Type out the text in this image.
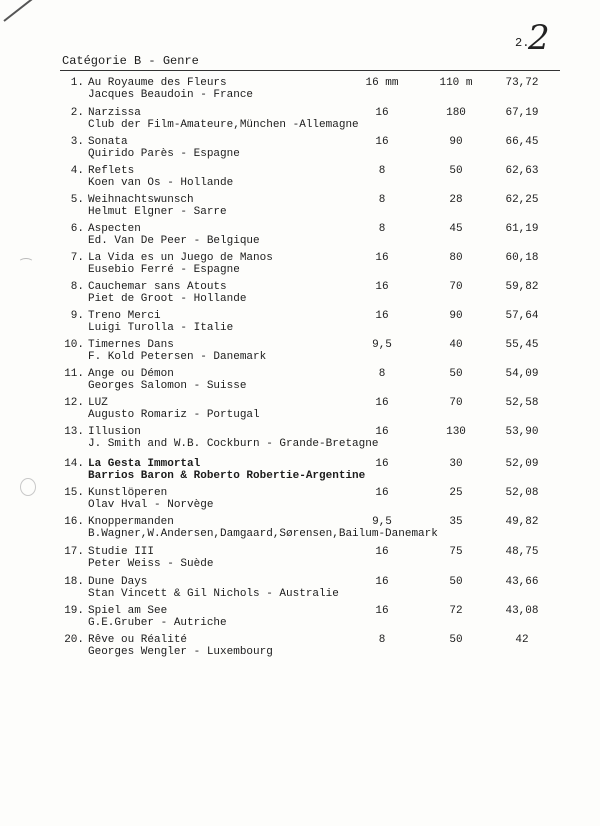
2.
2
Catégorie B - Genre
1. Au Royaume des Fleurs
Jacques Beaudoin - France
16 mm	110 m	73,72
2. Narzissa
Club der Film-Amateure,München -Allemagne
16	180	67,19
3. Sonata
Quirido Parès - Espagne
16	90	66,45
4. Reflets
Koen van Os - Hollande
8	50	62,63
5. Weihnachtswunsch
Helmut Elgner - Sarre
8	28	62,25
6. Aspecten
Ed. Van De Peer - Belgique
8	45	61,19
7. La Vida es un Juego de Manos
Eusebio Ferré - Espagne
16	80	60,18
8. Cauchemar sans Atouts
Piet de Groot - Hollande
16	70	59,82
9. Treno Merci
Luigi Turolla - Italie
16	90	57,64
10. Timernes Dans
F. Kold Petersen - Danemark
9,5	40	55,45
11. Ange ou Démon
Georges Salomon - Suisse
8	50	54,09
12. LUZ
Augusto Romariz - Portugal
16	70	52,58
13. Illusion
J. Smith and W.B. Cockburn - Grande-Bretagne
16	130	53,90
14. La Gesta Immortal
Barrios Baron & Roberto Robertie-Argentine
16	30	52,09
15. Kunstlöperen
Olav Hval - Norvège
16	25	52,08
16. Knoppermanden
B.Wagner,W.Andersen,Damgaard,Sørensen,Bailum-Danemark
9,5	35	49,82
17. Studie III
Peter Weiss - Suède
16	75	48,75
18. Dune Days
Stan Vincett & Gil Nichols - Australie
16	50	43,66
19. Spiel am See
G.E.Gruber - Autriche
16	72	43,08
20. Rêve ou Réalité
Georges Wengler - Luxembourg
8	50	42
